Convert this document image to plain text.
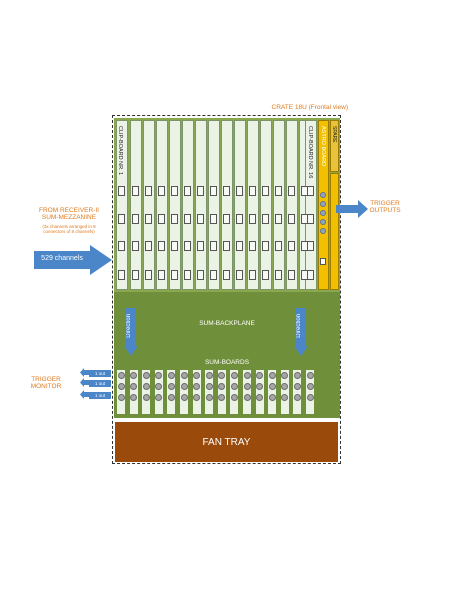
CRATE 18U (Frontal view)
CLIP-BOARD NR. 1	CLIP-BOARD NR. 16 ASTRO BOARD SPARE
TRIGGER
OUTPUTS
FROM RECEIVER-II
SUM-MEZZANINE
(3x channels arranged in 8
connectors of 8 channels)
529 channels
SUM-BACKPLANE
Direction	Direction
SUM-BOARDS
1 out
1 out
1 out
TRIGGER
MONITOR
FAN TRAY
